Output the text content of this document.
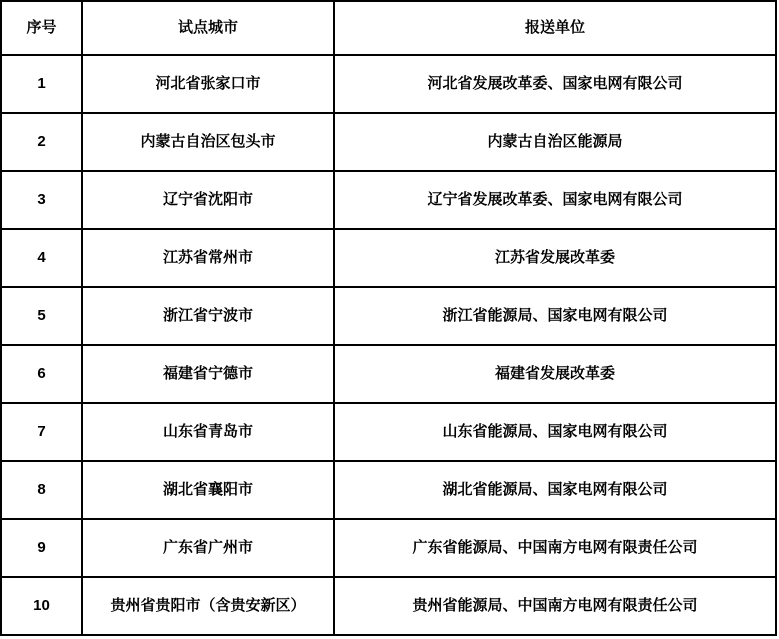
序号	试点城市	报送单位
1	河北省张家口市	河北省发展改革委、国家电网有限公司
2	内蒙古自治区包头市	内蒙古自治区能源局
3	辽宁省沈阳市	辽宁省发展改革委、国家电网有限公司
4	江苏省常州市	江苏省发展改革委
5	浙江省宁波市	浙江省能源局、国家电网有限公司
6	福建省宁德市	福建省发展改革委
7	山东省青岛市	山东省能源局、国家电网有限公司
8	湖北省襄阳市	湖北省能源局、国家电网有限公司
9	广东省广州市	广东省能源局、中国南方电网有限责任公司
10	贵州省贵阳市（含贵安新区）	贵州省能源局、中国南方电网有限责任公司
